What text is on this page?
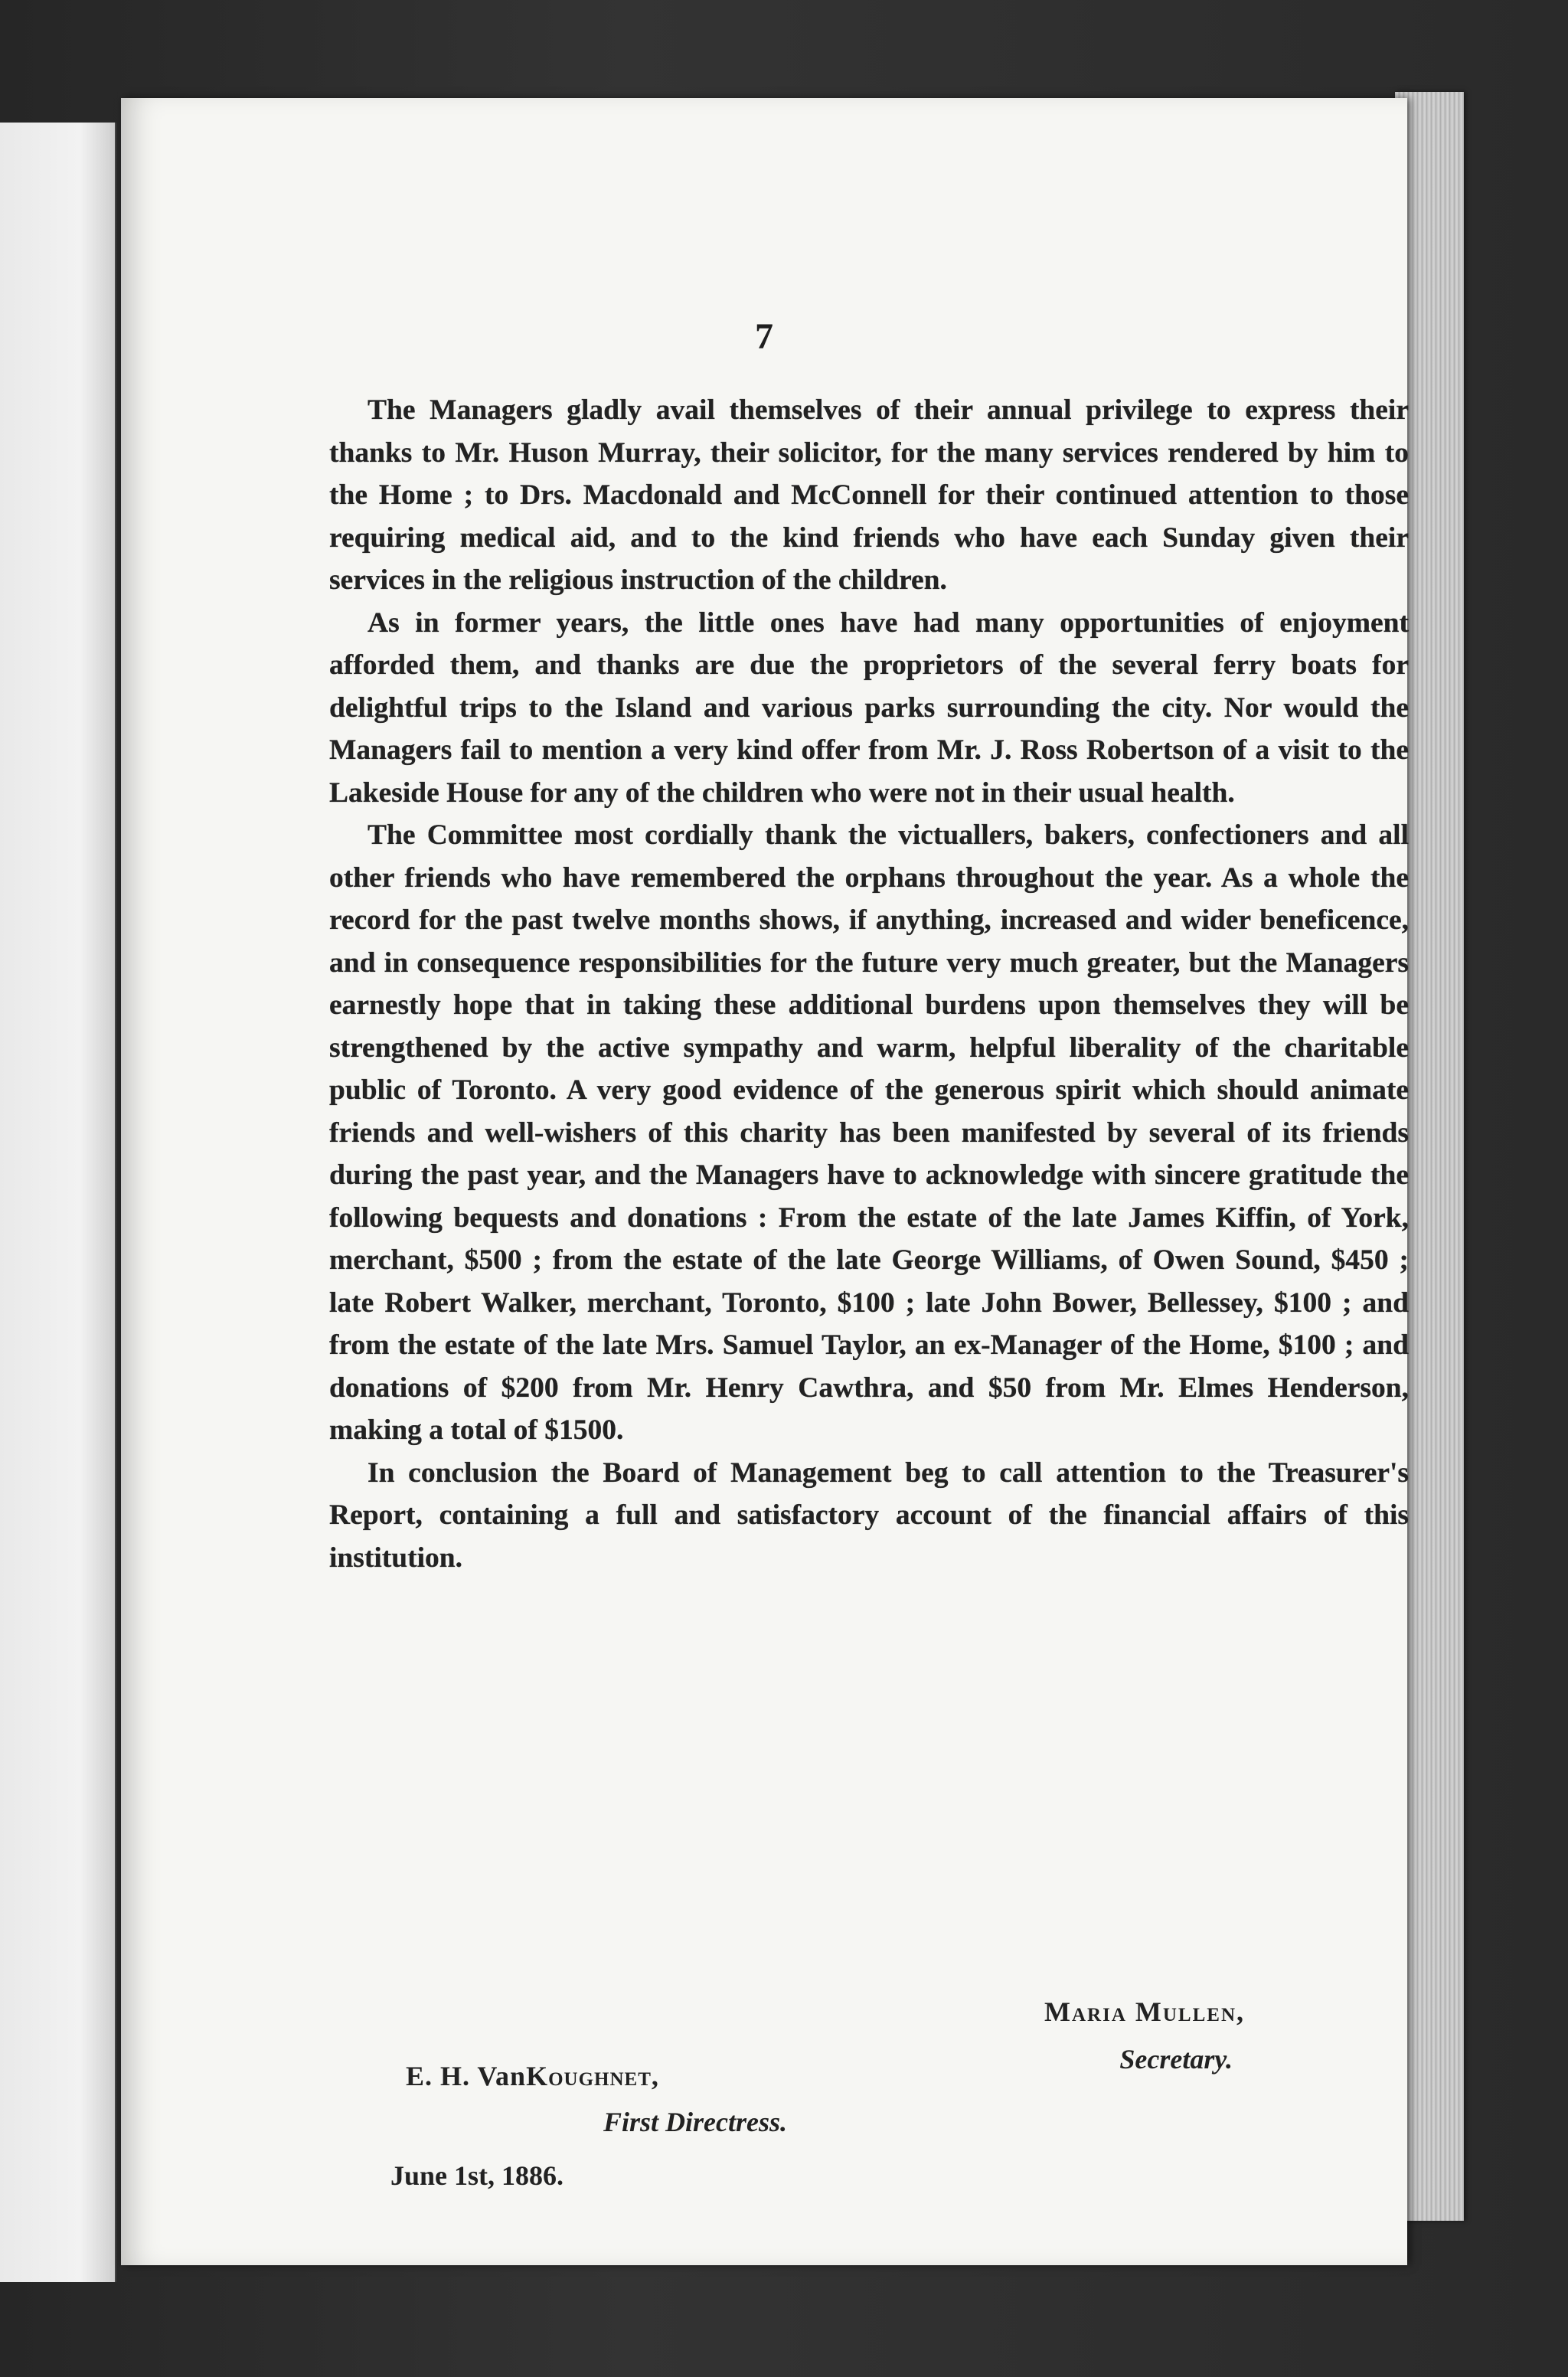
7

The Managers gladly avail themselves of their annual privilege to express their thanks to Mr. Huson Murray, their solicitor, for the many services rendered by him to the Home ; to Drs. Macdonald and McConnell for their continued attention to those requiring medical aid, and to the kind friends who have each Sunday given their services in the religious instruction of the children.

As in former years, the little ones have had many opportunities of enjoyment afforded them, and thanks are due the proprietors of the several ferry boats for delightful trips to the Island and various parks surrounding the city. Nor would the Managers fail to mention a very kind offer from Mr. J. Ross Robertson of a visit to the Lakeside House for any of the children who were not in their usual health.

The Committee most cordially thank the victuallers, bakers, confectioners and all other friends who have remembered the orphans throughout the year. As a whole the record for the past twelve months shows, if anything, increased and wider beneficence, and in consequence responsibilities for the future very much greater, but the Managers earnestly hope that in taking these additional burdens upon themselves they will be strengthened by the active sympathy and warm, helpful liberality of the charitable public of Toronto. A very good evidence of the generous spirit which should animate friends and well-wishers of this charity has been manifested by several of its friends during the past year, and the Managers have to acknowledge with sincere gratitude the following bequests and donations : From the estate of the late James Kiffin, of York, merchant, $500 ; from the estate of the late George Williams, of Owen Sound, $450 ; late Robert Walker, merchant, Toronto, $100 ; late John Bower, Bellessey, $100 ; and from the estate of the late Mrs. Samuel Taylor, an ex-Manager of the Home, $100 ; and donations of $200 from Mr. Henry Cawthra, and $50 from Mr. Elmes Henderson, making a total of $1500.

In conclusion the Board of Management beg to call attention to the Treasurer's Report, containing a full and satisfactory account of the financial affairs of this institution.

Maria Mullen,
Secretary.
E. H. VanKoughnet,
First Directress.
June 1st, 1886.
